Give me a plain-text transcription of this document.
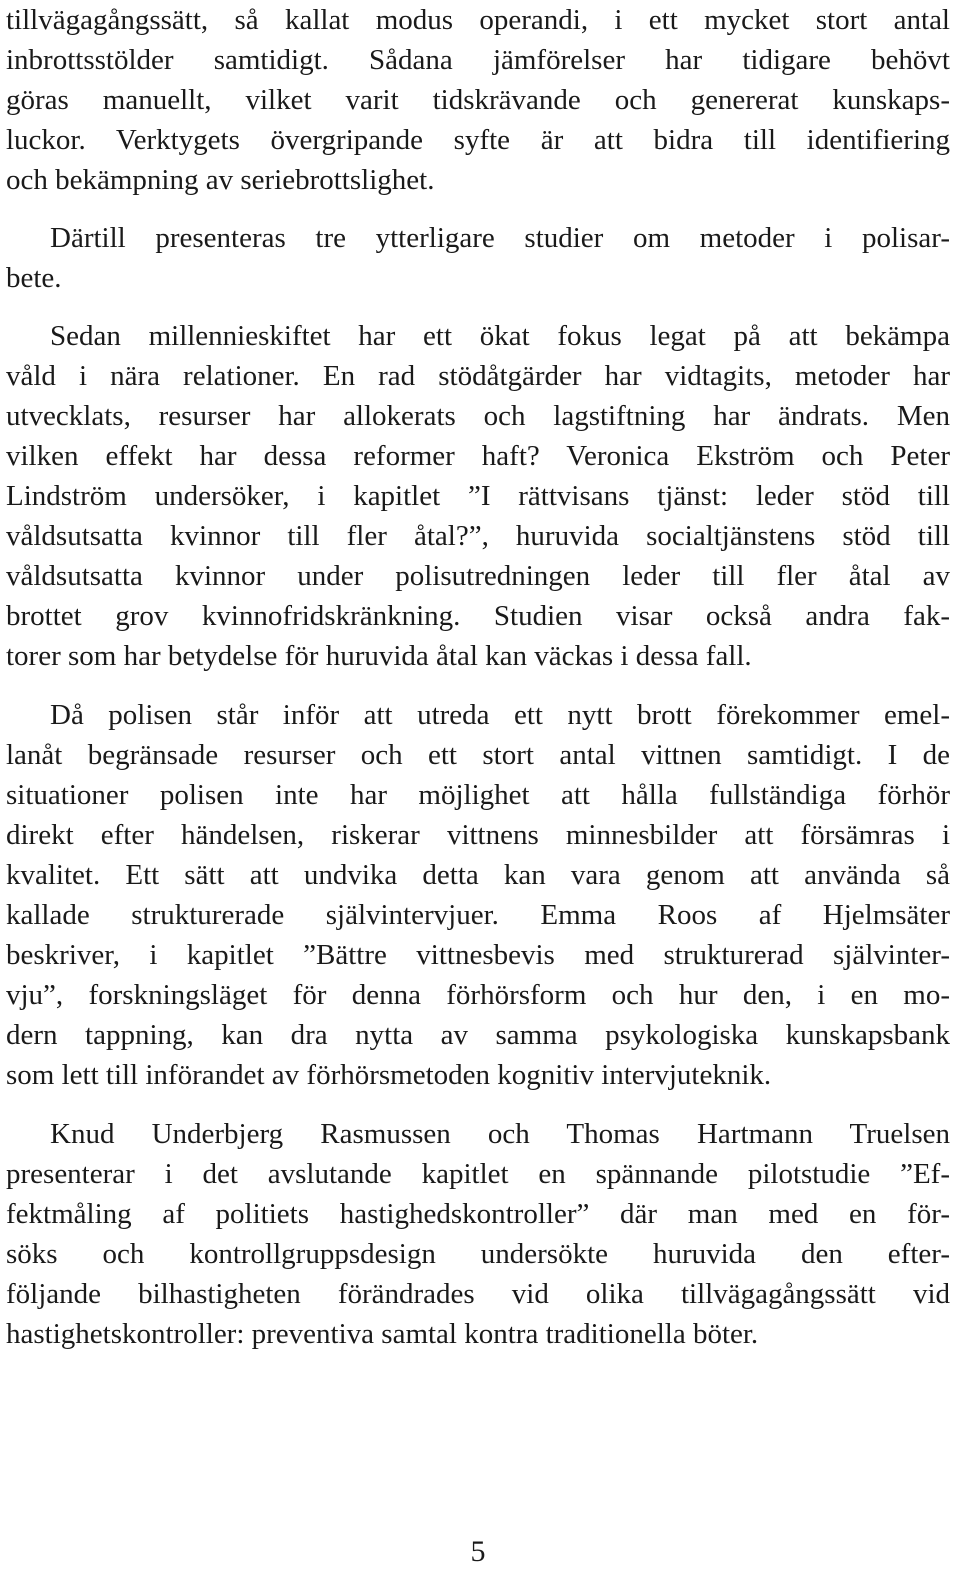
tillvägagångssätt, så kallat modus operandi, i ett mycket stort antal
inbrottsstölder samtidigt. Sådana jämförelser har tidigare behövt
göras manuellt, vilket varit tidskrävande och genererat kunskaps-
luckor. Verktygets övergripande syfte är att bidra till identifiering
och bekämpning av seriebrottslighet.
Därtill presenteras tre ytterligare studier om metoder i polisar-
bete.
Sedan millennieskiftet har ett ökat fokus legat på att bekämpa
våld i nära relationer. En rad stödåtgärder har vidtagits, metoder har
utvecklats, resurser har allokerats och lagstiftning har ändrats. Men
vilken effekt har dessa reformer haft? Veronica Ekström och Peter
Lindström undersöker, i kapitlet ”I rättvisans tjänst: leder stöd till
våldsutsatta kvinnor till fler åtal?”, huruvida socialtjänstens stöd till
våldsutsatta kvinnor under polisutredningen leder till fler åtal av
brottet grov kvinnofridskränkning. Studien visar också andra fak-
torer som har betydelse för huruvida åtal kan väckas i dessa fall.
Då polisen står inför att utreda ett nytt brott förekommer emel-
lanåt begränsade resurser och ett stort antal vittnen samtidigt. I de
situationer polisen inte har möjlighet att hålla fullständiga förhör
direkt efter händelsen, riskerar vittnens minnesbilder att försämras i
kvalitet. Ett sätt att undvika detta kan vara genom att använda så
kallade strukturerade självintervjuer. Emma Roos af Hjelmsäter
beskriver, i kapitlet ”Bättre vittnesbevis med strukturerad självinter-
vju”, forskningsläget för denna förhörsform och hur den, i en mo-
dern tappning, kan dra nytta av samma psykologiska kunskapsbank
som lett till införandet av förhörsmetoden kognitiv intervjuteknik.
Knud Underbjerg Rasmussen och Thomas Hartmann Truelsen
presenterar i det avslutande kapitlet en spännande pilotstudie ”Ef-
fektmåling af politiets hastighedskontroller” där man med en för-
söks och kontrollgruppsdesign undersökte huruvida den efter-
följande bilhastigheten förändrades vid olika tillvägagångssätt vid
hastighetskontroller: preventiva samtal kontra traditionella böter.
5
